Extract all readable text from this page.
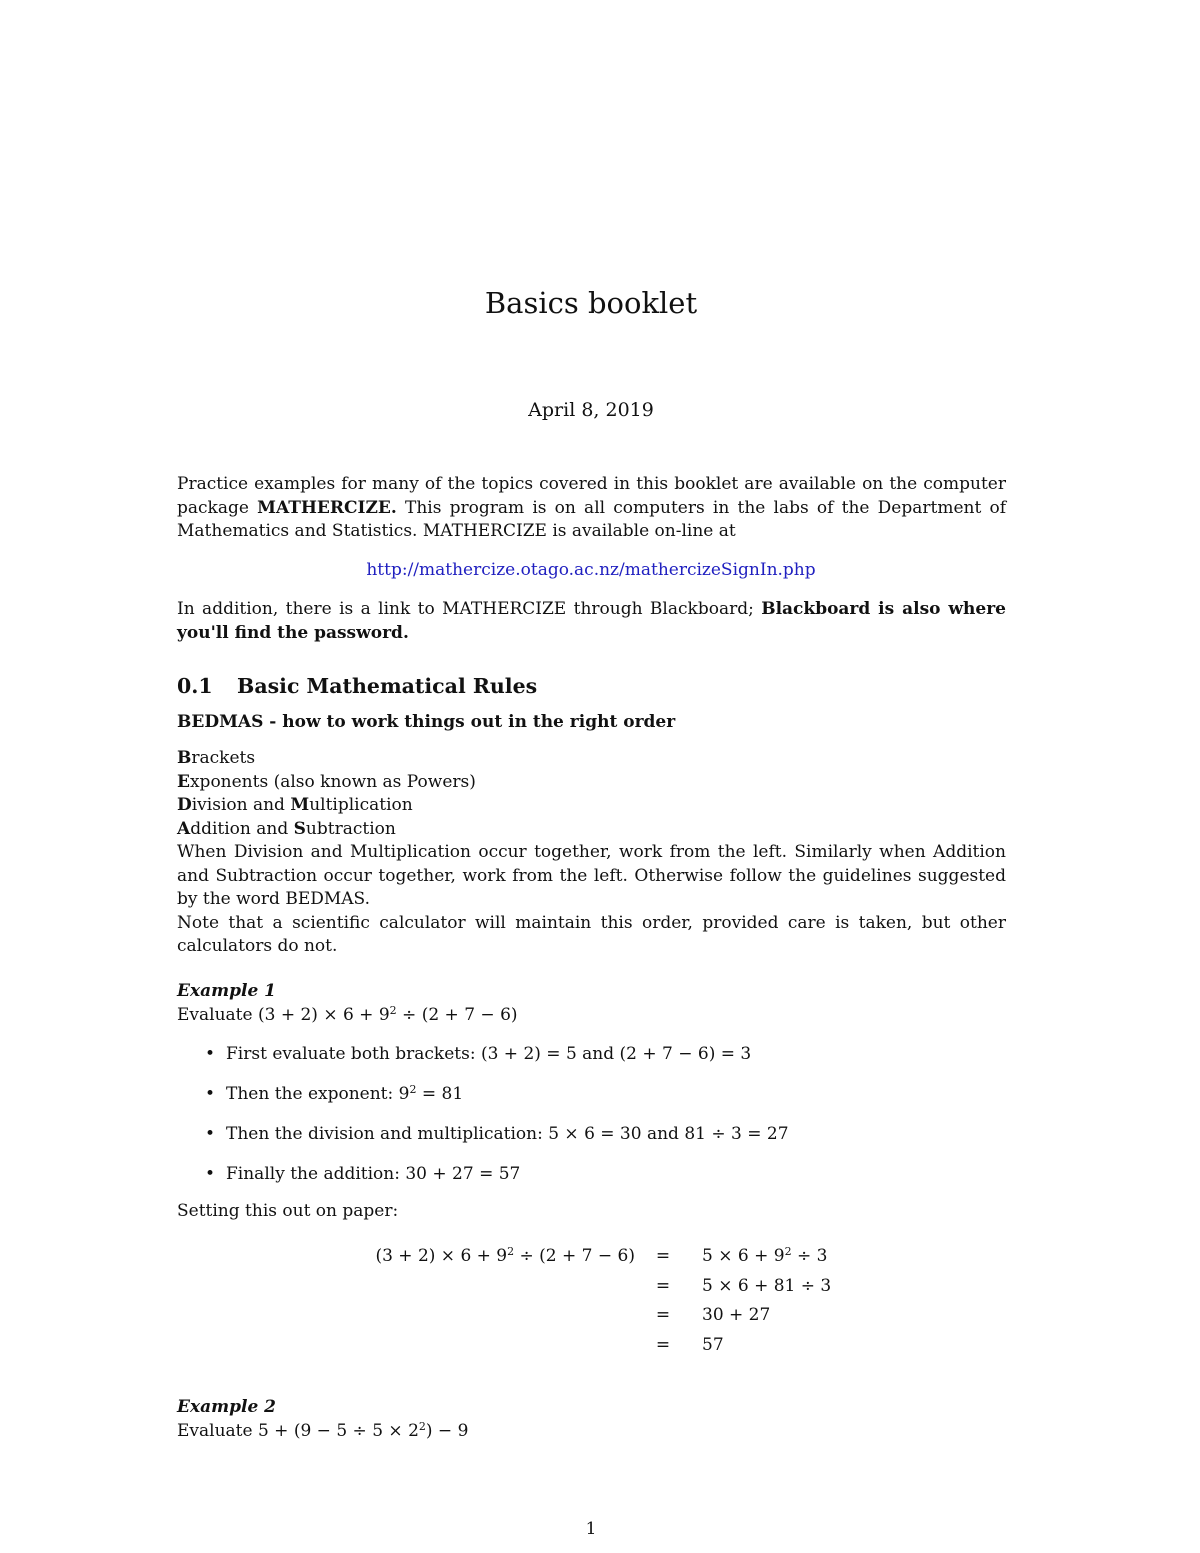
Basics booklet
April 8, 2019
Practice examples for many of the topics covered in this booklet are available on the computer package MATHERCIZE. This program is on all computers in the labs of the Department of Mathematics and Statistics. MATHERCIZE is available on-line at
http://mathercize.otago.ac.nz/mathercizeSignIn.php
In addition, there is a link to MATHERCIZE through Blackboard; Blackboard is also where you'll find the password.
0.1 Basic Mathematical Rules
BEDMAS - how to work things out in the right order
Brackets
Exponents (also known as Powers)
Division and Multiplication
Addition and Subtraction
When Division and Multiplication occur together, work from the left. Similarly when Addition and Subtraction occur together, work from the left. Otherwise follow the guidelines suggested by the word BEDMAS.
Note that a scientific calculator will maintain this order, provided care is taken, but other calculators do not.
Example 1
Evaluate $(3 + 2) \times 6 + 9^2 \div (2 + 7 - 6)$
• First evaluate both brackets: (3 + 2) = 5 and (2 + 7 − 6) = 3
• Then the exponent: $9^2 = 81$
• Then the division and multiplication: 5 × 6 = 30 and 81 ÷ 3 = 27
• Finally the addition: 30 + 27 = 57
Setting this out on paper:
$(3 + 2) \times 6 + 9^2 \div (2 + 7 - 6)$	=	$5 \times 6 + 9^2 \div 3$
	=	5 × 6 + 81 ÷ 3
	=	30 + 27
	=	57
Example 2
Evaluate $5 + (9 - 5 \div 5 \times 2^2) - 9$
1
